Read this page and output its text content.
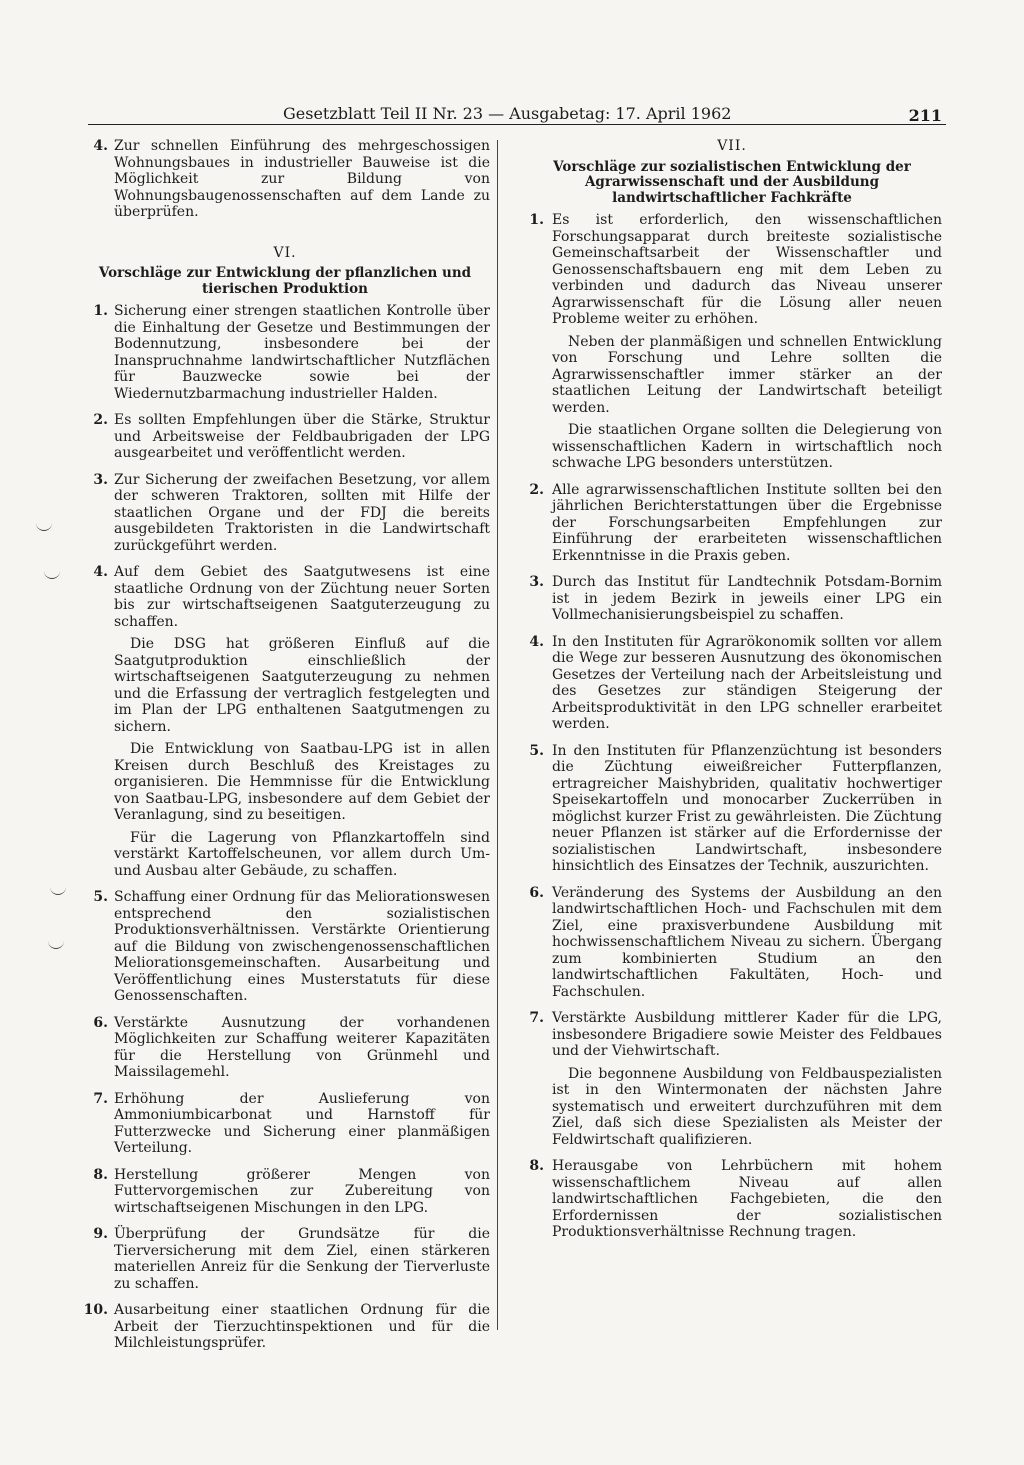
Gesetzblatt Teil II Nr. 23 — Ausgabetag: 17. April 1962	211
4. Zur schnellen Einführung des mehrgeschossigen Wohnungsbaues in industrieller Bauweise ist die Möglichkeit zur Bildung von Wohnungsbaugenossenschaften auf dem Lande zu überprüfen.

VI.
Vorschläge zur Entwicklung der pflanzlichen und tierischen Produktion
1. Sicherung einer strengen staatlichen Kontrolle über die Einhaltung der Gesetze und Bestimmungen der Bodennutzung, insbesondere bei der Inanspruchnahme landwirtschaftlicher Nutzflächen für Bauzwecke sowie bei der Wiedernutzbarmachung industrieller Halden.

2. Es sollten Empfehlungen über die Stärke, Struktur und Arbeitsweise der Feldbaubrigaden der LPG ausgearbeitet und veröffentlicht werden.

3. Zur Sicherung der zweifachen Besetzung, vor allem der schweren Traktoren, sollten mit Hilfe der staatlichen Organe und der FDJ die bereits ausgebildeten Traktoristen in die Landwirtschaft zurückgeführt werden.

4. Auf dem Gebiet des Saatgutwesens ist eine staatliche Ordnung von der Züchtung neuer Sorten bis zur wirtschaftseigenen Saatguterzeugung zu schaffen.

Die DSG hat größeren Einfluß auf die Saatgutproduktion einschließlich der wirtschaftseigenen Saatguterzeugung zu nehmen und die Erfassung der vertraglich festgelegten und im Plan der LPG enthaltenen Saatgutmengen zu sichern.

Die Entwicklung von Saatbau-LPG ist in allen Kreisen durch Beschluß des Kreistages zu organisieren. Die Hemmnisse für die Entwicklung von Saatbau-LPG, insbesondere auf dem Gebiet der Veranlagung, sind zu beseitigen.

Für die Lagerung von Pflanzkartoffeln sind verstärkt Kartoffelscheunen, vor allem durch Um- und Ausbau alter Gebäude, zu schaffen.

5. Schaffung einer Ordnung für das Meliorationswesen entsprechend den sozialistischen Produktionsverhältnissen. Verstärkte Orientierung auf die Bildung von zwischengenossenschaftlichen Meliorationsgemeinschaften. Ausarbeitung und Veröffentlichung eines Musterstatuts für diese Genossenschaften.

6. Verstärkte Ausnutzung der vorhandenen Möglichkeiten zur Schaffung weiterer Kapazitäten für die Herstellung von Grünmehl und Maissilagemehl.

7. Erhöhung der Auslieferung von Ammoniumbicarbonat und Harnstoff für Futterzwecke und Sicherung einer planmäßigen Verteilung.

8. Herstellung größerer Mengen von Futtervorgemischen zur Zubereitung von wirtschaftseigenen Mischungen in den LPG.

9. Überprüfung der Grundsätze für die Tierversicherung mit dem Ziel, einen stärkeren materiellen Anreiz für die Senkung der Tierverluste zu schaffen.

10. Ausarbeitung einer staatlichen Ordnung für die Arbeit der Tierzuchtinspektionen und für die Milchleistungsprüfer.

VII.
Vorschläge zur sozialistischen Entwicklung der Agrarwissenschaft und der Ausbildung landwirtschaftlicher Fachkräfte
1. Es ist erforderlich, den wissenschaftlichen Forschungsapparat durch breiteste sozialistische Gemeinschaftsarbeit der Wissenschaftler und Genossenschaftsbauern eng mit dem Leben zu verbinden und dadurch das Niveau unserer Agrarwissenschaft für die Lösung aller neuen Probleme weiter zu erhöhen.

Neben der planmäßigen und schnellen Entwicklung von Forschung und Lehre sollten die Agrarwissenschaftler immer stärker an der staatlichen Leitung der Landwirtschaft beteiligt werden.

Die staatlichen Organe sollten die Delegierung von wissenschaftlichen Kadern in wirtschaftlich noch schwache LPG besonders unterstützen.

2. Alle agrarwissenschaftlichen Institute sollten bei den jährlichen Berichterstattungen über die Ergebnisse der Forschungsarbeiten Empfehlungen zur Einführung der erarbeiteten wissenschaftlichen Erkenntnisse in die Praxis geben.

3. Durch das Institut für Landtechnik Potsdam-Bornim ist in jedem Bezirk in jeweils einer LPG ein Vollmechanisierungsbeispiel zu schaffen.

4. In den Instituten für Agrarökonomik sollten vor allem die Wege zur besseren Ausnutzung des ökonomischen Gesetzes der Verteilung nach der Arbeitsleistung und des Gesetzes zur ständigen Steigerung der Arbeitsproduktivität in den LPG schneller erarbeitet werden.

5. In den Instituten für Pflanzenzüchtung ist besonders die Züchtung eiweißreicher Futterpflanzen, ertragreicher Maishybriden, qualitativ hochwertiger Speisekartoffeln und monocarber Zuckerrüben in möglichst kurzer Frist zu gewährleisten. Die Züchtung neuer Pflanzen ist stärker auf die Erfordernisse der sozialistischen Landwirtschaft, insbesondere hinsichtlich des Einsatzes der Technik, auszurichten.

6. Veränderung des Systems der Ausbildung an den landwirtschaftlichen Hoch- und Fachschulen mit dem Ziel, eine praxisverbundene Ausbildung mit hochwissenschaftlichem Niveau zu sichern. Übergang zum kombinierten Studium an den landwirtschaftlichen Fakultäten, Hoch- und Fachschulen.

7. Verstärkte Ausbildung mittlerer Kader für die LPG, insbesondere Brigadiere sowie Meister des Feldbaues und der Viehwirtschaft.

Die begonnene Ausbildung von Feldbauspezialisten ist in den Wintermonaten der nächsten Jahre systematisch und erweitert durchzuführen mit dem Ziel, daß sich diese Spezialisten als Meister der Feldwirtschaft qualifizieren.

8. Herausgabe von Lehrbüchern mit hohem wissenschaftlichem Niveau auf allen landwirtschaftlichen Fachgebieten, die den Erfordernissen der sozialistischen Produktionsverhältnisse Rechnung tragen.
